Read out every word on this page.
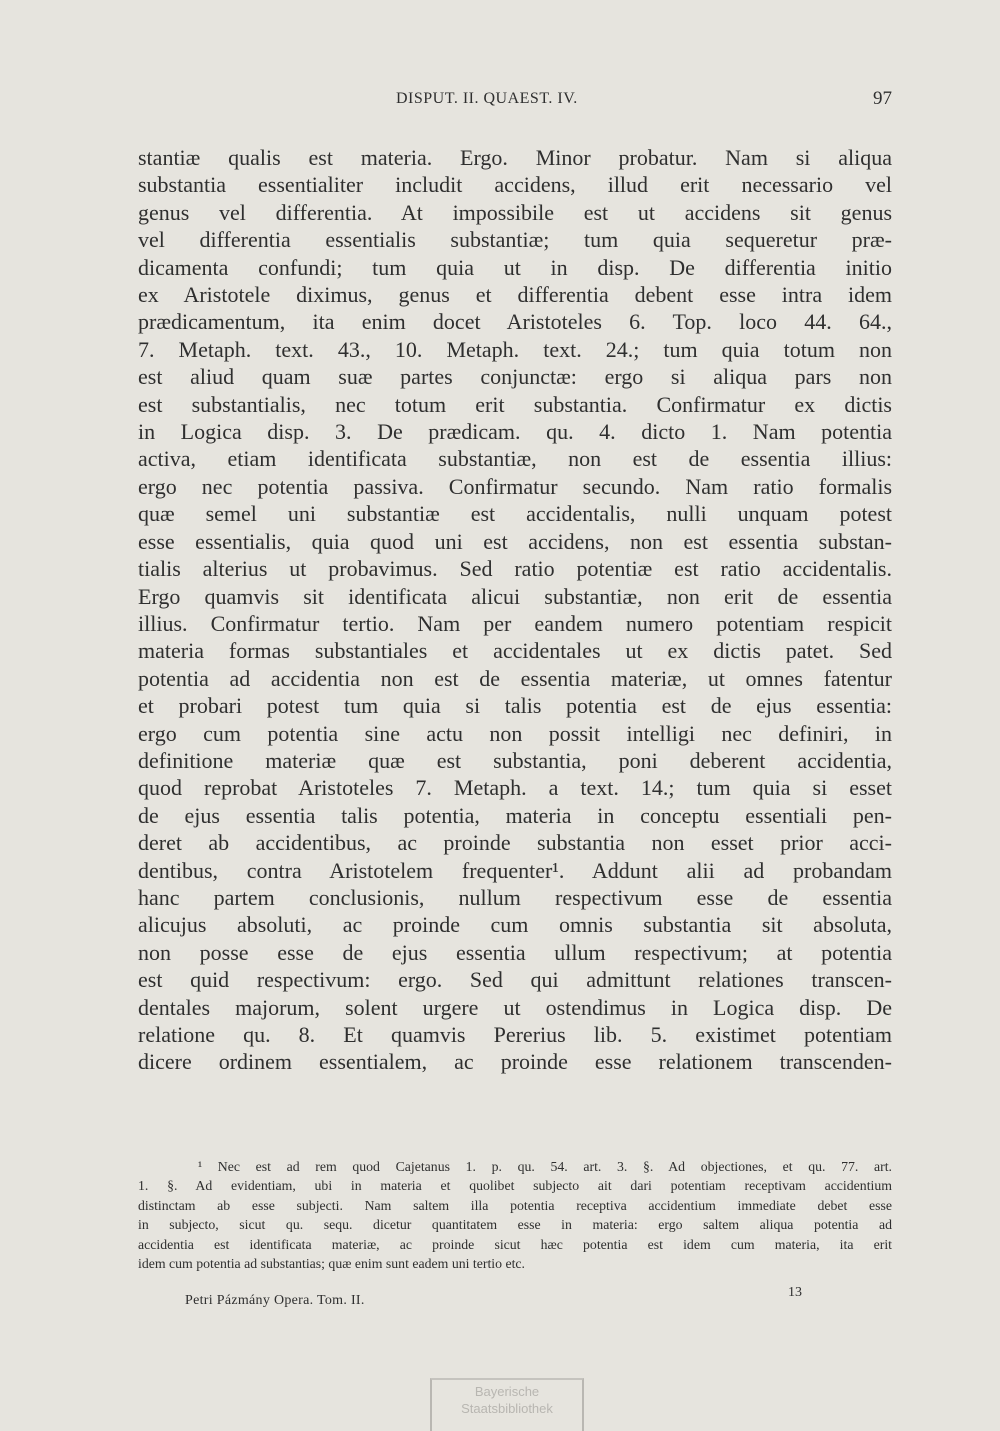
DISPUT. II. QUAEST. IV.	97
stantiæ qualis est materia. Ergo. Minor probatur. Nam si aliqua
substantia essentialiter includit accidens, illud erit necessario vel
genus vel differentia. At impossibile est ut accidens sit genus
vel differentia essentialis substantiæ; tum quia sequeretur præ-
dicamenta confundi; tum quia ut in disp. De differentia initio
ex Aristotele diximus, genus et differentia debent esse intra idem
prædicamentum, ita enim docet Aristoteles 6. Top. loco 44. 64.,
7. Metaph. text. 43., 10. Metaph. text. 24.; tum quia totum non
est aliud quam suæ partes conjunctæ: ergo si aliqua pars non
est substantialis, nec totum erit substantia. Confirmatur ex dictis
in Logica disp. 3. De prædicam. qu. 4. dicto 1. Nam potentia
activa, etiam identificata substantiæ, non est de essentia illius:
ergo nec potentia passiva. Confirmatur secundo. Nam ratio formalis
quæ semel uni substantiæ est accidentalis, nulli unquam potest
esse essentialis, quia quod uni est accidens, non est essentia substan-
tialis alterius ut probavimus. Sed ratio potentiæ est ratio accidentalis.
Ergo quamvis sit identificata alicui substantiæ, non erit de essentia
illius. Confirmatur tertio. Nam per eandem numero potentiam respicit
materia formas substantiales et accidentales ut ex dictis patet. Sed
potentia ad accidentia non est de essentia materiæ, ut omnes fatentur
et probari potest tum quia si talis potentia est de ejus essentia:
ergo cum potentia sine actu non possit intelligi nec definiri, in
definitione materiæ quæ est substantia, poni deberent accidentia,
quod reprobat Aristoteles 7. Metaph. a text. 14.; tum quia si esset
de ejus essentia talis potentia, materia in conceptu essentiali pen-
deret ab accidentibus, ac proinde substantia non esset prior acci-
dentibus, contra Aristotelem frequenter¹. Addunt alii ad probandam
hanc partem conclusionis, nullum respectivum esse de essentia
alicujus absoluti, ac proinde cum omnis substantia sit absoluta,
non posse esse de ejus essentia ullum respectivum; at potentia
est quid respectivum: ergo. Sed qui admittunt relationes transcen-
dentales majorum, solent urgere ut ostendimus in Logica disp. De
relatione qu. 8. Et quamvis Pererius lib. 5. existimet potentiam
dicere ordinem essentialem, ac proinde esse relationem transcenden-
¹ Nec est ad rem quod Cajetanus 1. p. qu. 54. art. 3. §. Ad objectiones, et qu. 77. art.
1. §. Ad evidentiam, ubi in materia et quolibet subjecto ait dari potentiam receptivam accidentium
distinctam ab esse subjecti. Nam saltem illa potentia receptiva accidentium immediate debet esse
in subjecto, sicut qu. sequ. dicetur quantitatem esse in materia: ergo saltem aliqua potentia ad
accidentia est identificata materiæ, ac proinde sicut hæc potentia est idem cum materia, ita erit
idem cum potentia ad substantias; quæ enim sunt eadem uni tertio etc.
Petri Pázmány Opera. Tom. II.
13
Bayerische
Staatsbibliothek
